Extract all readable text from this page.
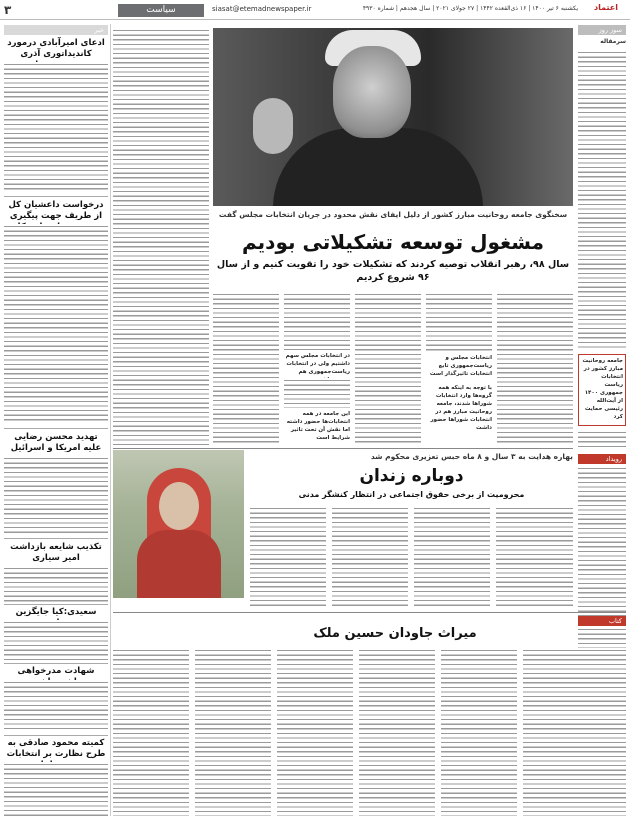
۳	سیاست	siasat@etemadnewspaper.ir	یکشنبه ۶ تیر ۱۴۰۰ | ۱۶ ذی‌القعده ۱۴۴۲ | ۲۷ جولای ۲۰۲۱ | سال هجدهم | شماره ۴۹۳۰	اعتماد
خبر
ادعای امیرآبادی درمورد کاندیداتوری آذری
درخواست داعشیان کل از طریف جهت پیگیری
تهدید محسن رضایی علیه امریکا و اسرائیل
تکذیب شایعه بازداشت امیر سیاری
سعیدی:کیا جایگزین
شهادت مدرخواهی
کمیته محمود صادقی به طرح نظارت بر انتخابات
سوز روز
سرمقاله
جامعه روحانیت مبارز کشور در انتخابات ریاست جمهوری ۱۴۰۰ از آیت‌الله رئیسی حمایت کرد
رویداد
سخنگوی جامعه روحانیت مبارز کشور از دلیل ایفای نقش محدود در جریان انتخابات مجلس گفت
مشغول توسعه تشکیلاتی بودیم
سال ۹۸، رهبر انقلاب توصیه کردند که تشکیلات خود را تقویت کنیم و از سال ۹۶ شروع کردیم
در انتخابات مجلس سهم داشتیم ولی در انتخابات ریاست‌جمهوری هم
این جامعه در همه انتخابات‌ها حضور داشته اما نقش آن تحت تاثیر شرایط است
انتخابات مجلس و ریاست‌جمهوری تابع انتخابات تاثیرگذار است
با توجه به اینکه همه گروه‌ها وارد انتخابات شوراها شدند، جامعه روحانیت مبارز هم در انتخابات شوراها حضور داشت
بهاره هدایت به ۳ سال و ۸ ماه حبس تعزیری محکوم شد
دوباره زندان
محرومیت از برخی حقوق اجتماعی در انتظار کنشگر مدنی
کتاب
میراث جاودان حسین ملک
